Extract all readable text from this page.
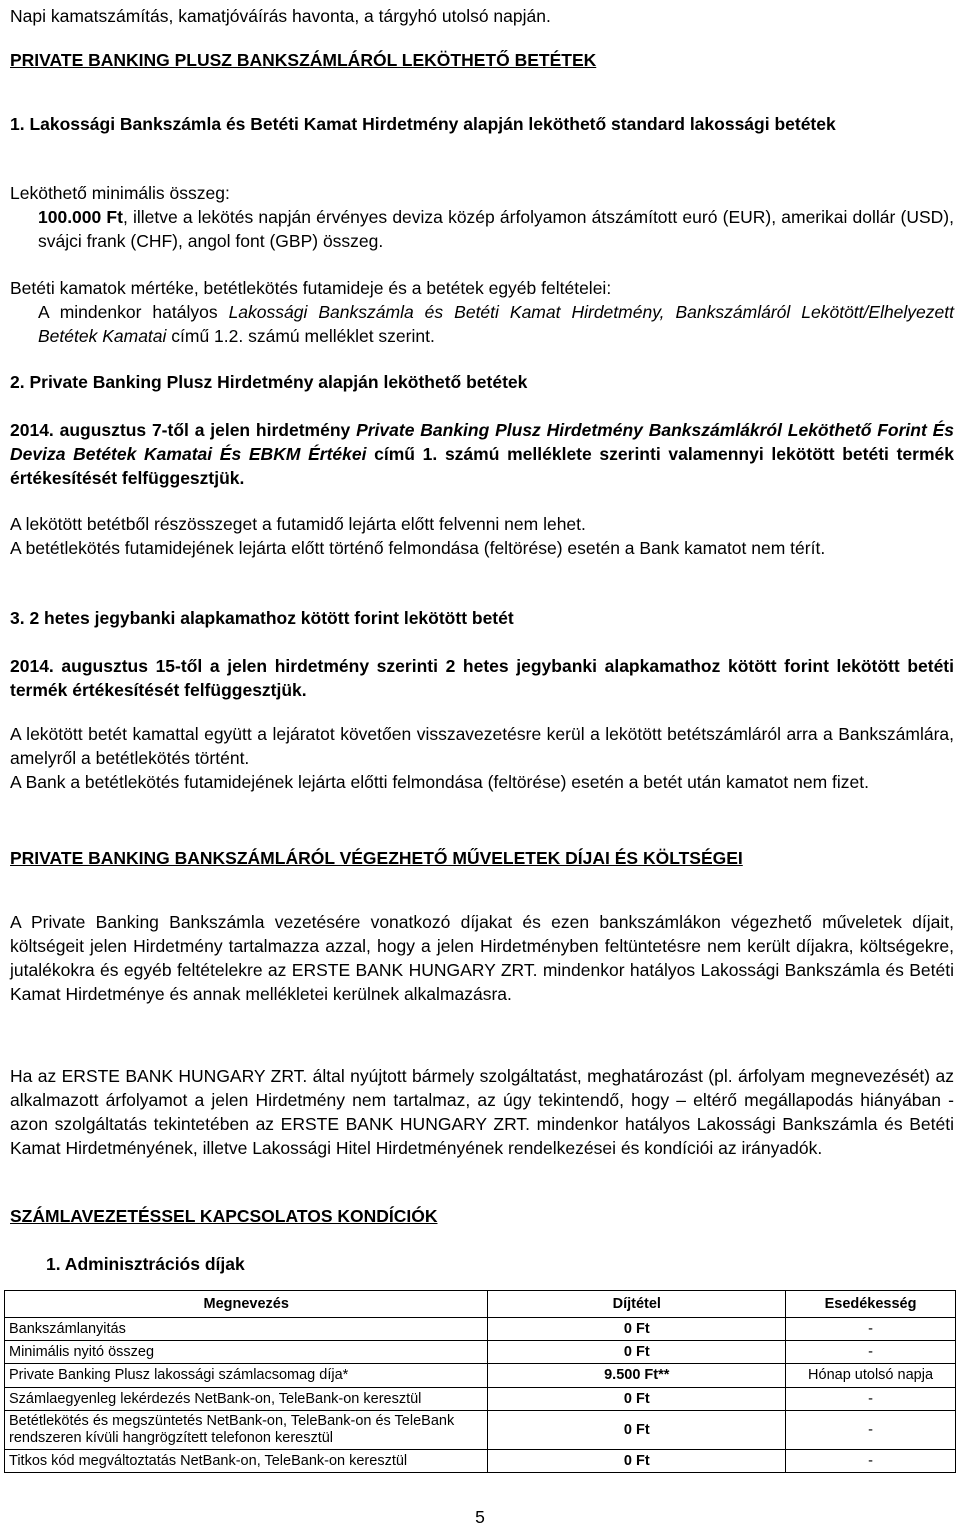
Napi kamatszámítás, kamatjóváírás havonta, a tárgyhó utolsó napján.

PRIVATE BANKING PLUSZ BANKSZÁMLÁRÓL LEKÖTHETŐ BETÉTEK

1. Lakossági Bankszámla és Betéti Kamat Hirdetmény alapján leköthető standard lakossági betétek

Leköthető minimális összeg:
100.000 Ft, illetve a lekötés napján érvényes deviza közép árfolyamon átszámított euró (EUR), amerikai dollár (USD), svájci frank (CHF), angol font (GBP) összeg.
Betéti kamatok mértéke, betétlekötés futamideje és a betétek egyéb feltételei:
A mindenkor hatályos Lakossági Bankszámla és Betéti Kamat Hirdetmény, Bankszámláról Lekötött/Elhelyezett Betétek Kamatai című 1.2. számú melléklet szerint.

2. Private Banking Plusz Hirdetmény alapján leköthető betétek

2014. augusztus 7-től a jelen hirdetmény Private Banking Plusz Hirdetmény Bankszámlákról Leköthető Forint És Deviza Betétek Kamatai És EBKM Értékei című 1. számú melléklete szerinti valamennyi lekötött betéti termék értékesítését felfüggesztjük.

A lekötött betétből részösszeget a futamidő lejárta előtt felvenni nem lehet.

A betétlekötés futamidejének lejárta előtt történő felmondása (feltörése) esetén a Bank kamatot nem térít.

3. 2 hetes jegybanki alapkamathoz kötött forint lekötött betét

2014. augusztus 15-től a jelen hirdetmény szerinti 2 hetes jegybanki alapkamathoz kötött forint lekötött betéti termék értékesítését felfüggesztjük.

A lekötött betét kamattal együtt a lejáratot követően visszavezetésre kerül a lekötött betétszámláról arra a Bankszámlára, amelyről a betétlekötés történt.

A Bank a betétlekötés futamidejének lejárta előtti felmondása (feltörése) esetén a betét után kamatot nem fizet.

PRIVATE BANKING BANKSZÁMLÁRÓL VÉGEZHETŐ MŰVELETEK DÍJAI ÉS KÖLTSÉGEI

A Private Banking Bankszámla vezetésére vonatkozó díjakat és ezen bankszámlákon végezhető műveletek díjait, költségeit jelen Hirdetmény tartalmazza azzal, hogy a jelen Hirdetményben feltüntetésre nem került díjakra, költségekre, jutalékokra és egyéb feltételekre az ERSTE BANK HUNGARY ZRT. mindenkor hatályos Lakossági Bankszámla és Betéti Kamat Hirdetménye és annak mellékletei kerülnek alkalmazásra.

Ha az ERSTE BANK HUNGARY ZRT. által nyújtott bármely szolgáltatást, meghatározást (pl. árfolyam megnevezését) az alkalmazott árfolyamot a jelen Hirdetmény nem tartalmaz, az úgy tekintendő, hogy – eltérő megállapodás hiányában - azon szolgáltatás tekintetében az ERSTE BANK HUNGARY ZRT. mindenkor hatályos Lakossági Bankszámla és Betéti Kamat Hirdetményének, illetve Lakossági Hitel Hirdetményének rendelkezései és kondíciói az irányadók.

SZÁMLAVEZETÉSSEL KAPCSOLATOS KONDÍCIÓK

1. Adminisztrációs díjak

Megnevezés	Díjtétel	Esedékesség
Bankszámlanyitás	0 Ft	-
Minimális nyitó összeg	0 Ft	-
Private Banking Plusz lakossági számlacsomag díja*	9.500 Ft**	Hónap utolsó napja
Számlaegyenleg lekérdezés NetBank-on, TeleBank-on keresztül	0 Ft	-
Betétlekötés és megszüntetés NetBank-on, TeleBank-on és TeleBank rendszeren kívüli hangrögzített telefonon keresztül	0 Ft	-
Titkos kód megváltoztatás NetBank-on, TeleBank-on keresztül	0 Ft	-
5
